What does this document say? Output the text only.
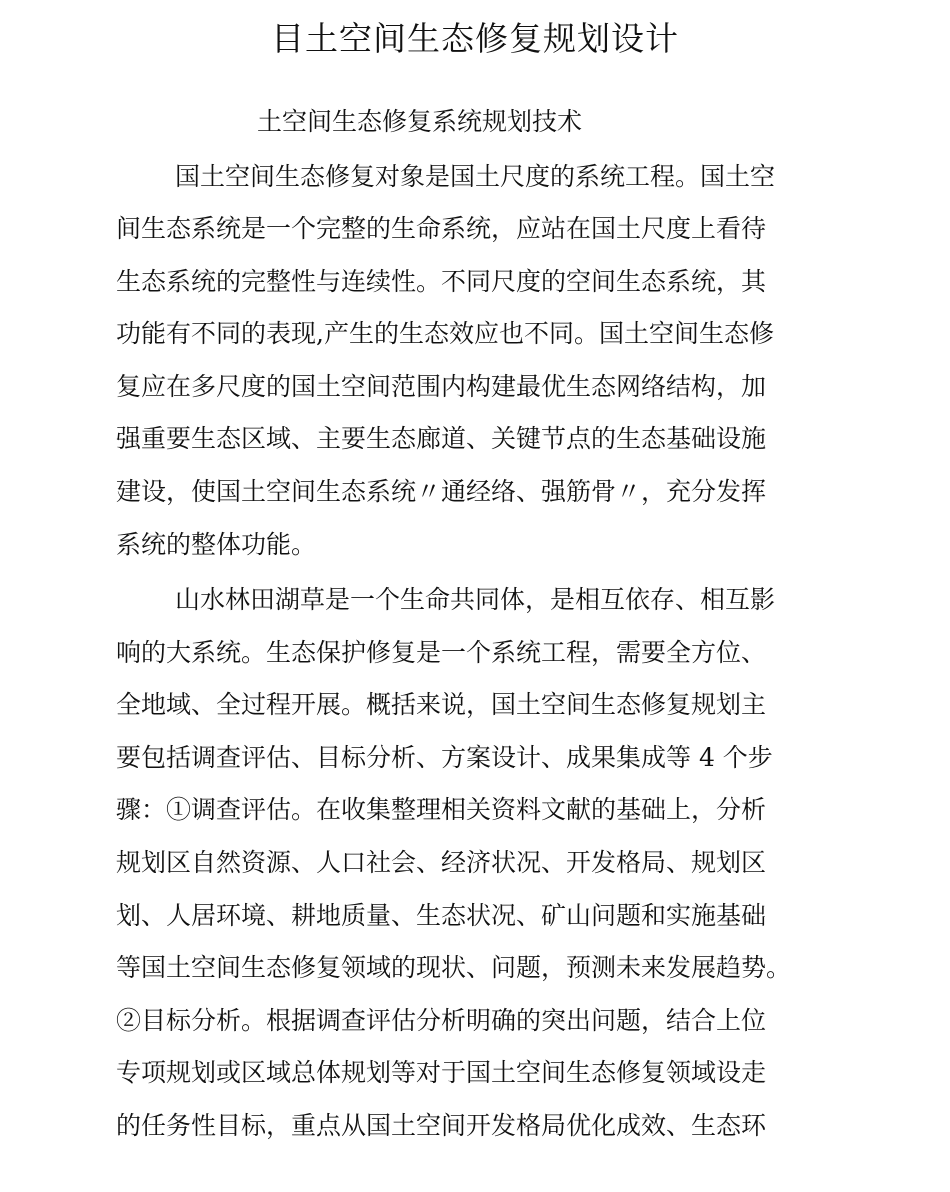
目土空间生态修复规划设计
土空间生态修复系统规划技术
国土空间生态修复对象是国土尺度的系统工程。国土空
间生态系统是一个完整的生命系统，应站在国土尺度上看待
生态系统的完整性与连续性。不同尺度的空间生态系统，其
功能有不同的表现,产生的生态效应也不同。国土空间生态修
复应在多尺度的国土空间范围内构建最优生态网络结构，加
强重要生态区域、主要生态廊道、关键节点的生态基础设施
建设，使国土空间生态系统〃通经络、强筋骨〃，充分发挥
系统的整体功能。
山水林田湖草是一个生命共同体，是相互依存、相互影
响的大系统。生态保护修复是一个系统工程，需要全方位、
全地域、全过程开展。概括来说，国土空间生态修复规划主
要包括调查评估、目标分析、方案设计、成果集成等 4 个步
骤：①调查评估。在收集整理相关资料文献的基础上，分析
规划区自然资源、人口社会、经济状况、开发格局、规划区
划、人居环境、耕地质量、生态状况、矿山问题和实施基础
等国土空间生态修复领域的现状、问题，预测未来发展趋势。
②目标分析。根据调查评估分析明确的突出问题，结合上位
专项规划或区域总体规划等对于国土空间生态修复领域设走
的任务性目标，重点从国土空间开发格局优化成效、生态环
